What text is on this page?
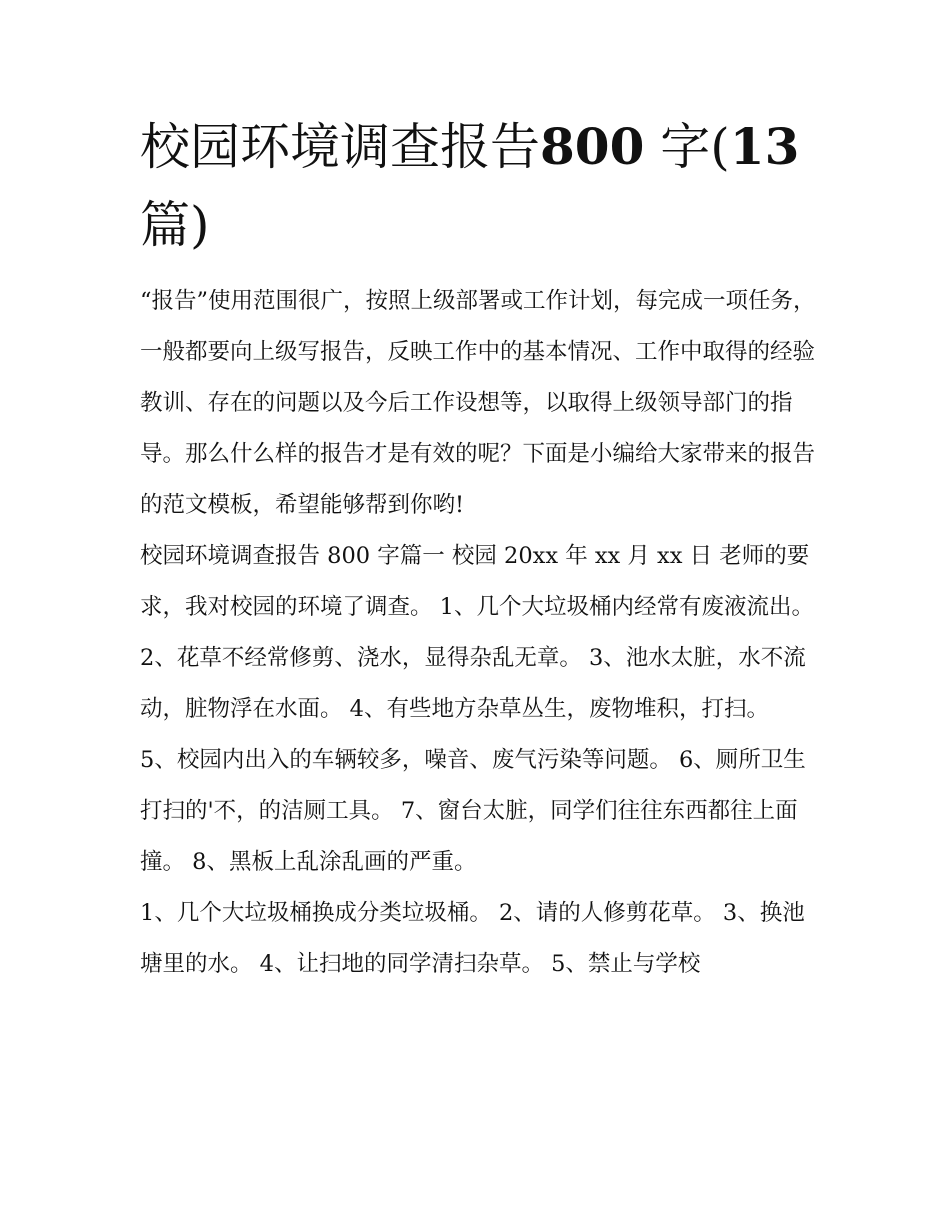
校园环境调查报告800 字(13
篇)

“报告”使用范围很广，按照上级部署或工作计划，每完成一项任务，一般都要向上级写报告，反映工作中的基本情况、工作中取得的经验教训、存在的问题以及今后工作设想等，以取得上级领导部门的指导。那么什么样的报告才是有效的呢？下面是小编给大家带来的报告的范文模板，希望能够帮到你哟!

校园环境调查报告 800 字篇一 校园 20xx 年 xx 月 xx 日 老师的要求，我对校园的环境了调查。 1、几个大垃圾桶内经常有废液流出。

2、花草不经常修剪、浇水，显得杂乱无章。 3、池水太脏，水不流动，脏物浮在水面。 4、有些地方杂草丛生，废物堆积，打扫。

5、校园内出入的车辆较多，噪音、废气污染等问题。 6、厕所卫生打扫的'不，的洁厕工具。 7、窗台太脏，同学们往往东西都往上面撞。 8、黑板上乱涂乱画的严重。

1、几个大垃圾桶换成分类垃圾桶。 2、请的人修剪花草。 3、换池塘里的水。 4、让扫地的同学清扫杂草。 5、禁止与学校
